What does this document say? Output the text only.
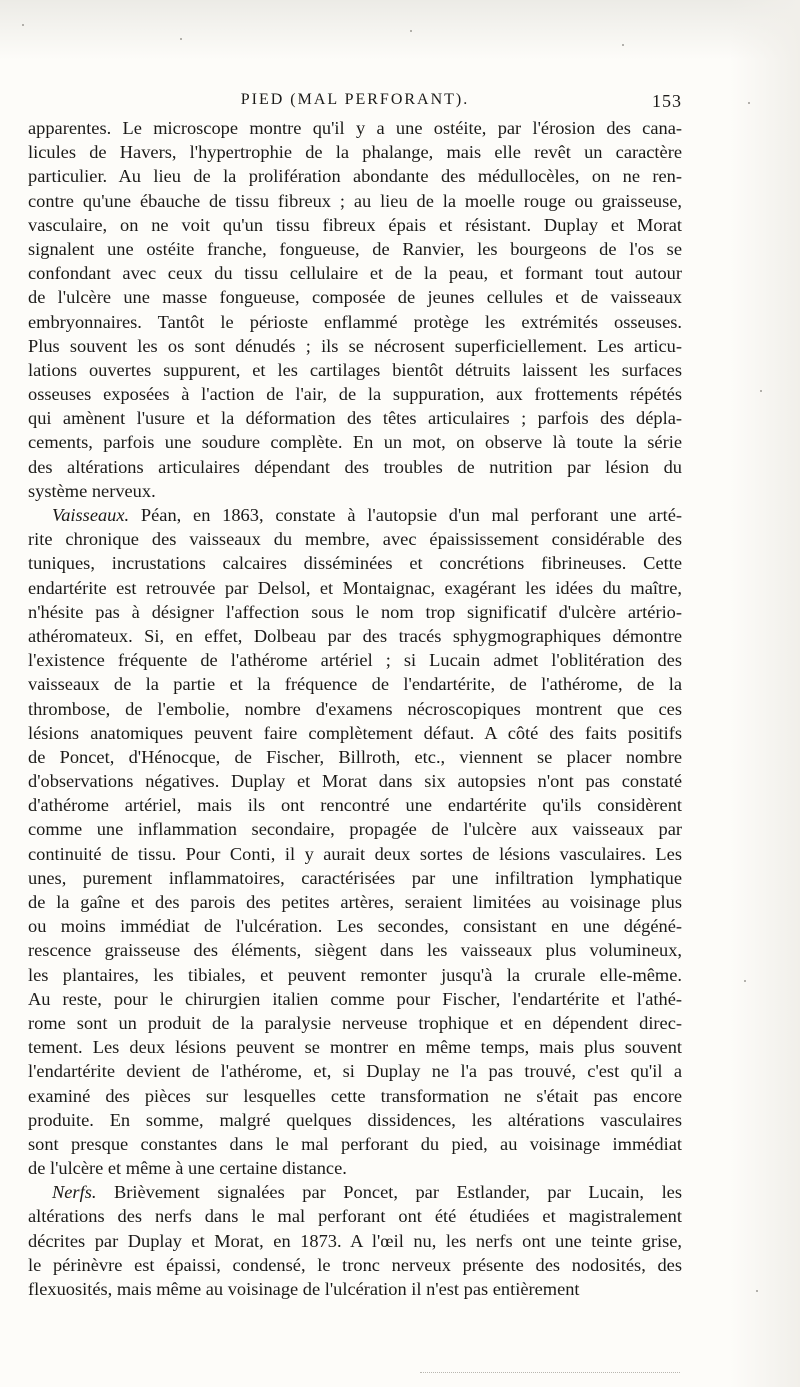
PIED (MAL PERFORANT).	153
apparentes. Le microscope montre qu'il y a une ostéite, par l'érosion des cana-
licules de Havers, l'hypertrophie de la phalange, mais elle revêt un caractère
particulier. Au lieu de la prolifération abondante des médullocèles, on ne ren-
contre qu'une ébauche de tissu fibreux ; au lieu de la moelle rouge ou graisseuse,
vasculaire, on ne voit qu'un tissu fibreux épais et résistant. Duplay et Morat
signalent une ostéite franche, fongueuse, de Ranvier, les bourgeons de l'os se
confondant avec ceux du tissu cellulaire et de la peau, et formant tout autour
de l'ulcère une masse fongueuse, composée de jeunes cellules et de vaisseaux
embryonnaires. Tantôt le périoste enflammé protège les extrémités osseuses.
Plus souvent les os sont dénudés ; ils se nécrosent superficiellement. Les articu-
lations ouvertes suppurent, et les cartilages bientôt détruits laissent les surfaces
osseuses exposées à l'action de l'air, de la suppuration, aux frottements répétés
qui amènent l'usure et la déformation des têtes articulaires ; parfois des dépla-
cements, parfois une soudure complète. En un mot, on observe là toute la série
des altérations articulaires dépendant des troubles de nutrition par lésion du
système nerveux.
Vaisseaux. Péan, en 1863, constate à l'autopsie d'un mal perforant une arté-
rite chronique des vaisseaux du membre, avec épaississement considérable des
tuniques, incrustations calcaires disséminées et concrétions fibrineuses. Cette
endartérite est retrouvée par Delsol, et Montaignac, exagérant les idées du maître,
n'hésite pas à désigner l'affection sous le nom trop significatif d'ulcère artério-
athéromateux. Si, en effet, Dolbeau par des tracés sphygmographiques démontre
l'existence fréquente de l'athérome artériel ; si Lucain admet l'oblitération des
vaisseaux de la partie et la fréquence de l'endartérite, de l'athérome, de la
thrombose, de l'embolie, nombre d'examens nécroscopiques montrent que ces
lésions anatomiques peuvent faire complètement défaut. A côté des faits positifs
de Poncet, d'Hénocque, de Fischer, Billroth, etc., viennent se placer nombre
d'observations négatives. Duplay et Morat dans six autopsies n'ont pas constaté
d'athérome artériel, mais ils ont rencontré une endartérite qu'ils considèrent
comme une inflammation secondaire, propagée de l'ulcère aux vaisseaux par
continuité de tissu. Pour Conti, il y aurait deux sortes de lésions vasculaires. Les
unes, purement inflammatoires, caractérisées par une infiltration lymphatique
de la gaîne et des parois des petites artères, seraient limitées au voisinage plus
ou moins immédiat de l'ulcération. Les secondes, consistant en une dégéné-
rescence graisseuse des éléments, siègent dans les vaisseaux plus volumineux,
les plantaires, les tibiales, et peuvent remonter jusqu'à la crurale elle-même.
Au reste, pour le chirurgien italien comme pour Fischer, l'endartérite et l'athé-
rome sont un produit de la paralysie nerveuse trophique et en dépendent direc-
tement. Les deux lésions peuvent se montrer en même temps, mais plus souvent
l'endartérite devient de l'athérome, et, si Duplay ne l'a pas trouvé, c'est qu'il a
examiné des pièces sur lesquelles cette transformation ne s'était pas encore
produite. En somme, malgré quelques dissidences, les altérations vasculaires
sont presque constantes dans le mal perforant du pied, au voisinage immédiat
de l'ulcère et même à une certaine distance.
Nerfs. Brièvement signalées par Poncet, par Estlander, par Lucain, les
altérations des nerfs dans le mal perforant ont été étudiées et magistralement
décrites par Duplay et Morat, en 1873. A l'œil nu, les nerfs ont une teinte grise,
le périnèvre est épaissi, condensé, le tronc nerveux présente des nodosités, des
flexuosités, mais même au voisinage de l'ulcération il n'est pas entièrement
